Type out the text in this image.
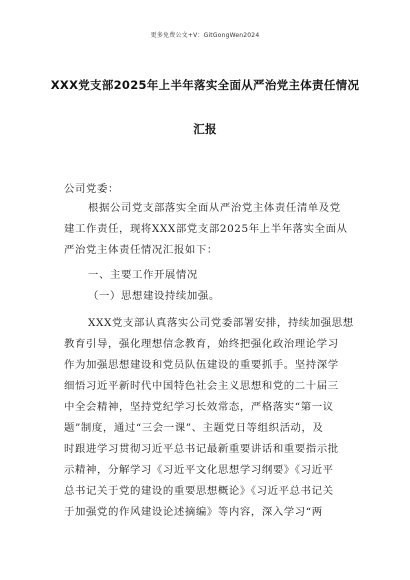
更多免费公文+V：GitGongWen2024
XXX党支部2025年上半年落实全面从严治党主体责任情况
汇报
公司党委：
根据公司党支部落实全面从严治党主体责任清单及党
建工作责任，现将XXX部党支部2025年上半年落实全面从
严治党主体责任情况汇报如下：
一、主要工作开展情况
（一）思想建设持续加强。
XXX党支部认真落实公司党委部署安排，持续加强思想
教育引导，强化理想信念教育，始终把强化政治理论学习
作为加强思想建设和党员队伍建设的重要抓手。坚持深学
细悟习近平新时代中国特色社会主义思想和党的二十届三
中全会精神，坚持党纪学习长效常态，严格落实“第一议
题”制度，通过“三会一课”、主题党日等组织活动，及
时跟进学习贯彻习近平总书记最新重要讲话和重要指示批
示精神，分解学习《习近平文化思想学习纲要》《习近平
总书记关于党的建设的重要思想概论》《习近平总书记关
于加强党的作风建设论述摘编》等内容，深入学习“两
